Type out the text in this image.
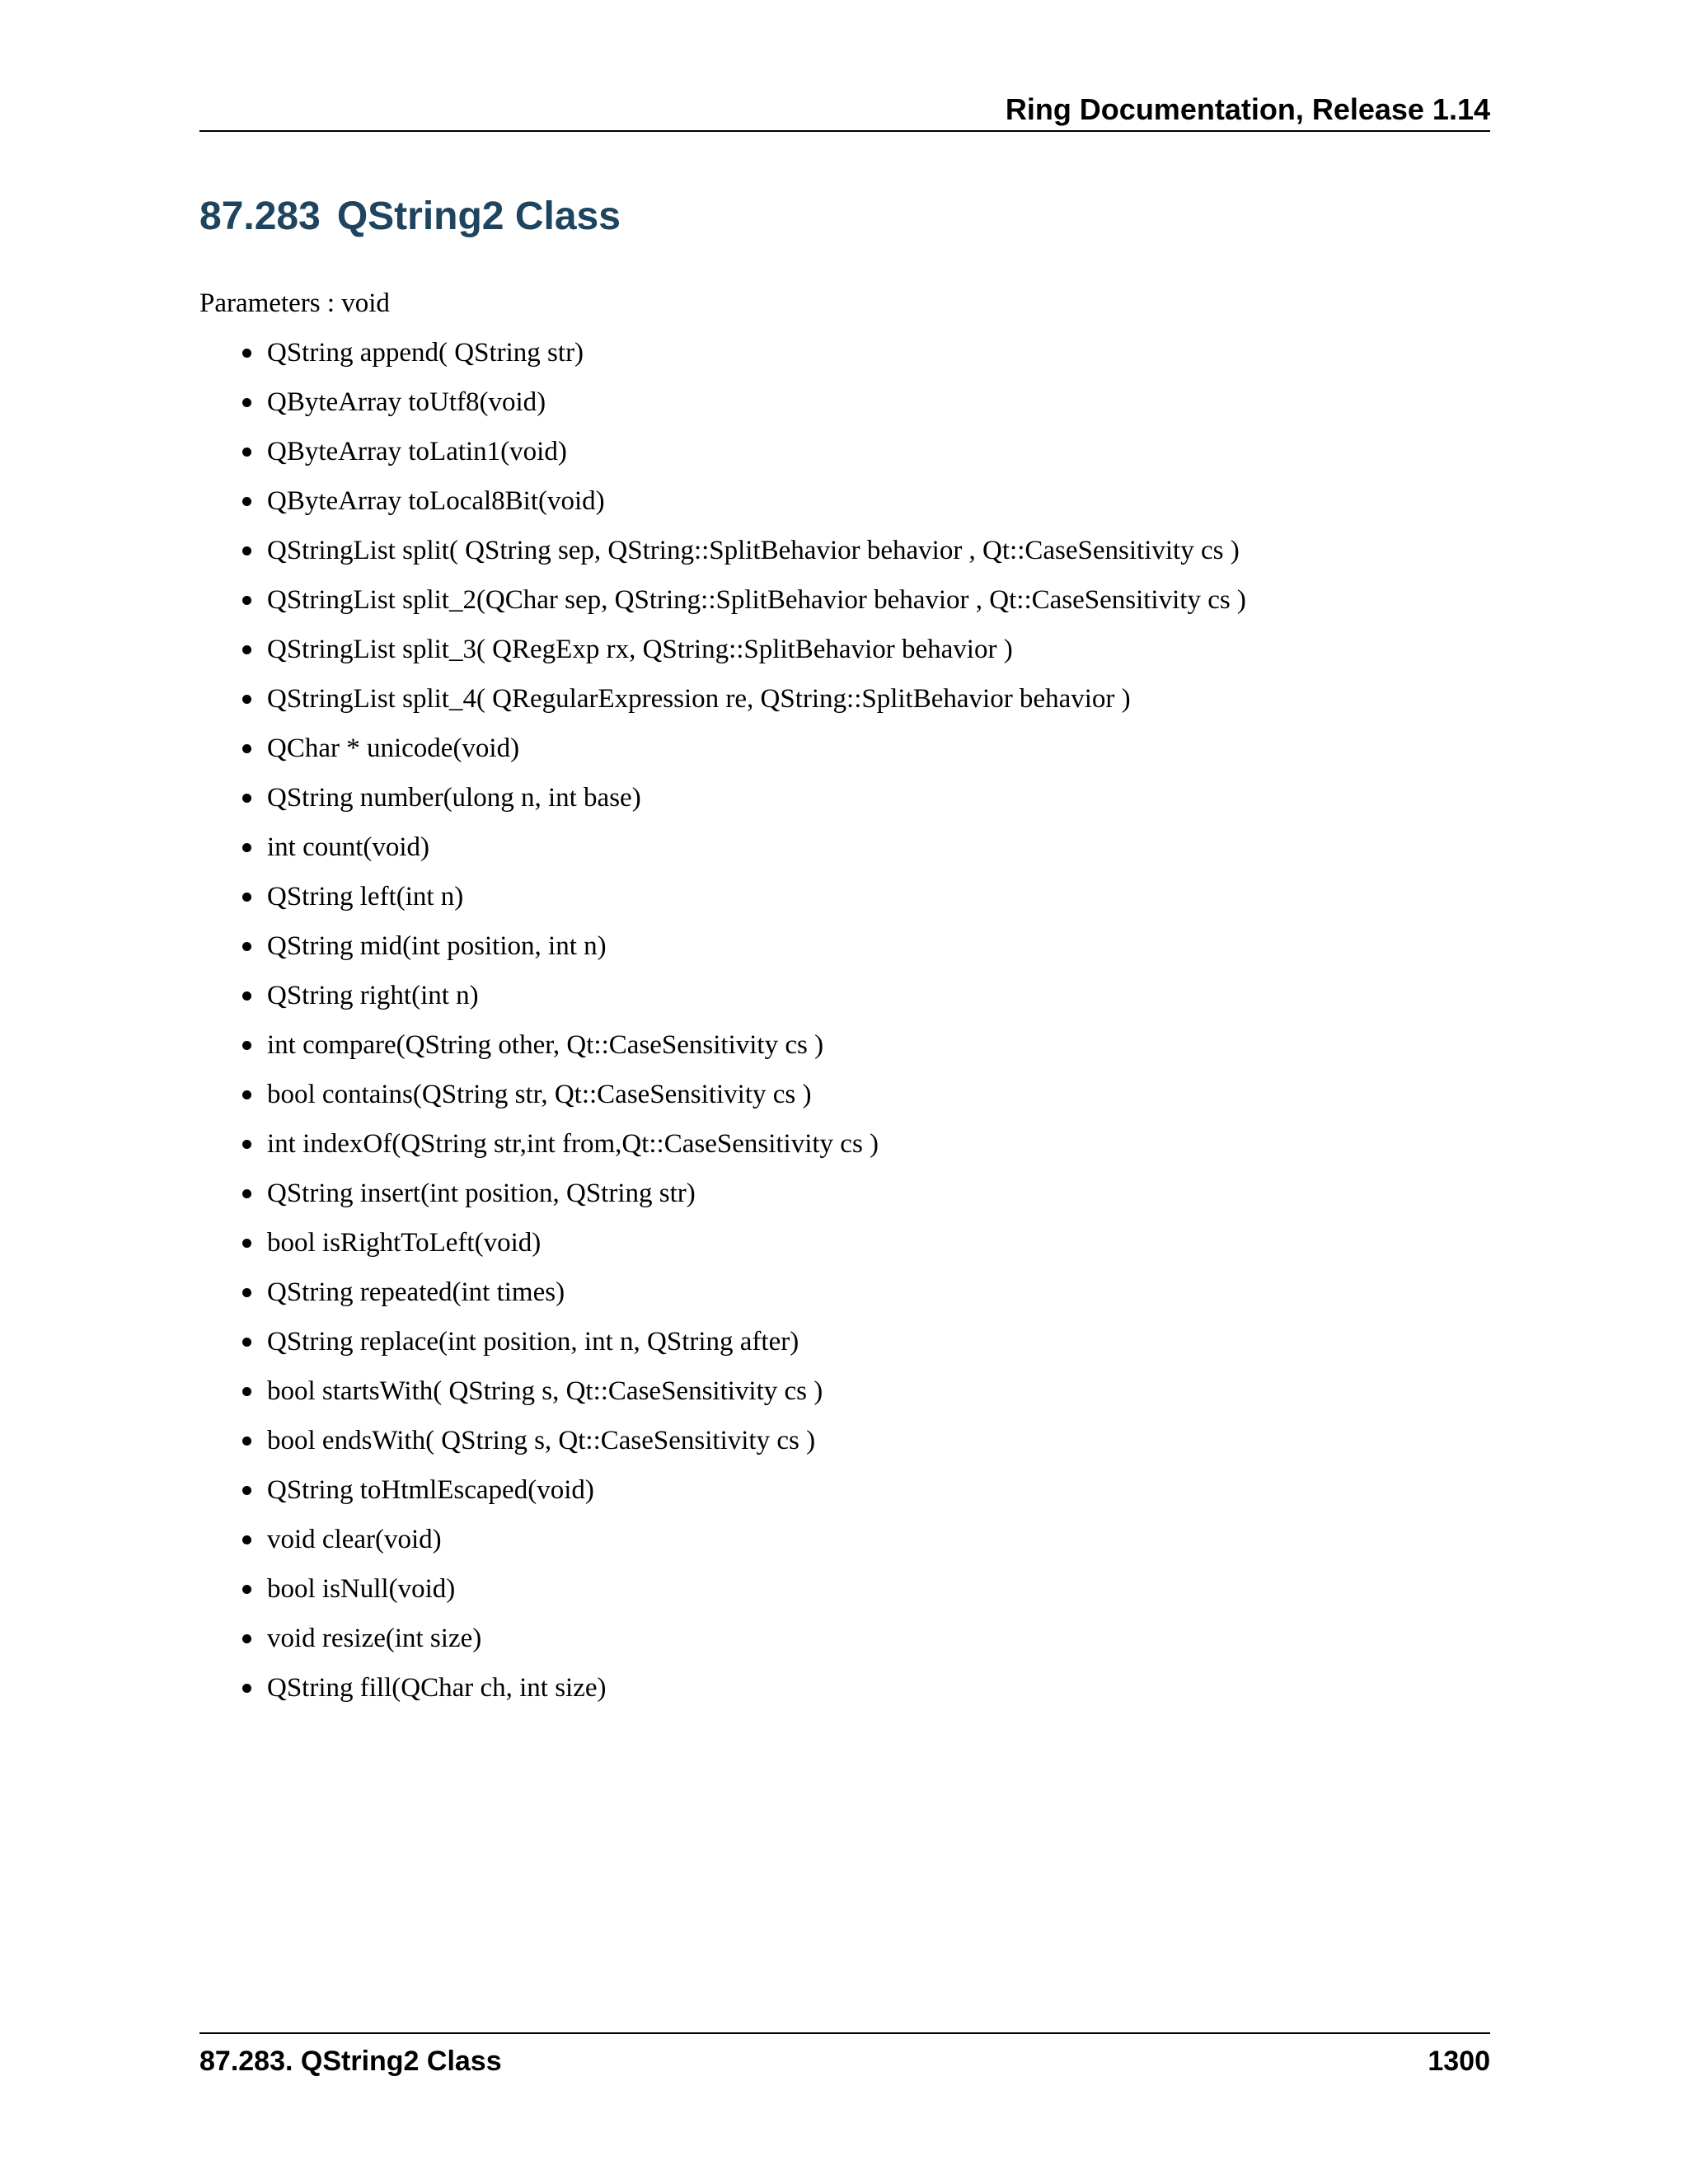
Ring Documentation, Release 1.14
87.283 QString2 Class

Parameters : void

QString append( QString str)
QByteArray toUtf8(void)
QByteArray toLatin1(void)
QByteArray toLocal8Bit(void)
QStringList split( QString sep, QString::SplitBehavior behavior , Qt::CaseSensitivity cs )
QStringList split_2(QChar sep, QString::SplitBehavior behavior , Qt::CaseSensitivity cs )
QStringList split_3( QRegExp rx, QString::SplitBehavior behavior )
QStringList split_4( QRegularExpression re, QString::SplitBehavior behavior )
QChar * unicode(void)
QString number(ulong n, int base)
int count(void)
QString left(int n)
QString mid(int position, int n)
QString right(int n)
int compare(QString other, Qt::CaseSensitivity cs )
bool contains(QString str, Qt::CaseSensitivity cs )
int indexOf(QString str,int from,Qt::CaseSensitivity cs )
QString insert(int position, QString str)
bool isRightToLeft(void)
QString repeated(int times)
QString replace(int position, int n, QString after)
bool startsWith( QString s, Qt::CaseSensitivity cs )
bool endsWith( QString s, Qt::CaseSensitivity cs )
QString toHtmlEscaped(void)
void clear(void)
bool isNull(void)
void resize(int size)
QString fill(QChar ch, int size)
87.283. QString2 Class	1300
